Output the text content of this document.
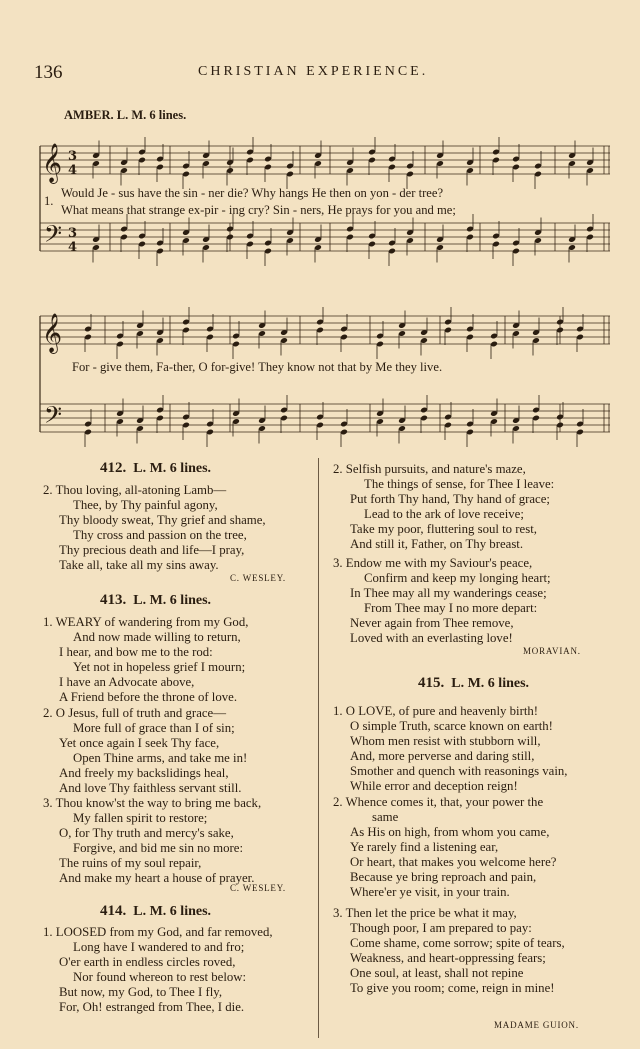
136	CHRISTIAN EXPERIENCE.
AMBER. L. M. 6 lines.
𝄞
𝄢
3
4
3
4
𝄞
𝄢
1.
Would Je - sus have the sin - ner die? Why hangs He then on yon - der tree?
What means that strange ex-pir - ing cry? Sin - ners, He prays for you and me;
For - give them, Fa-ther, O for-give! They know not that by Me they live.
412. L. M. 6 lines.
2. Thou loving, all-atoning Lamb—
Thee, by Thy painful agony,
Thy bloody sweat, Thy grief and shame,
Thy cross and passion on the tree,
Thy precious death and life—I pray,
Take all, take all my sins away.
C. WESLEY.
413. L. M. 6 lines.
1. WEARY of wandering from my God,
And now made willing to return,
I hear, and bow me to the rod:
Yet not in hopeless grief I mourn;
I have an Advocate above,
A Friend before the throne of love.
2. O Jesus, full of truth and grace—
More full of grace than I of sin;
Yet once again I seek Thy face,
Open Thine arms, and take me in!
And freely my backslidings heal,
And love Thy faithless servant still.
3. Thou know'st the way to bring me back,
My fallen spirit to restore;
O, for Thy truth and mercy's sake,
Forgive, and bid me sin no more:
The ruins of my soul repair,
And make my heart a house of prayer.
C. WESLEY.
414. L. M. 6 lines.
1. LOOSED from my God, and far removed,
Long have I wandered to and fro;
O'er earth in endless circles roved,
Nor found whereon to rest below:
But now, my God, to Thee I fly,
For, Oh! estranged from Thee, I die.
2. Selfish pursuits, and nature's maze,
The things of sense, for Thee I leave:
Put forth Thy hand, Thy hand of grace;
Lead to the ark of love receive;
Take my poor, fluttering soul to rest,
And still it, Father, on Thy breast.
3. Endow me with my Saviour's peace,
Confirm and keep my longing heart;
In Thee may all my wanderings cease;
From Thee may I no more depart:
Never again from Thee remove,
Loved with an everlasting love!
MORAVIAN.
415. L. M. 6 lines.
1. O LOVE, of pure and heavenly birth!
O simple Truth, scarce known on earth!
Whom men resist with stubborn will,
And, more perverse and daring still,
Smother and quench with reasonings vain,
While error and deception reign!
2. Whence comes it, that, your power the
same
As His on high, from whom you came,
Ye rarely find a listening ear,
Or heart, that makes you welcome here?
Because ye bring reproach and pain,
Where'er ye visit, in your train.
3. Then let the price be what it may,
Though poor, I am prepared to pay:
Come shame, come sorrow; spite of tears,
Weakness, and heart-oppressing fears;
One soul, at least, shall not repine
To give you room; come, reign in mine!
MADAME GUION.
